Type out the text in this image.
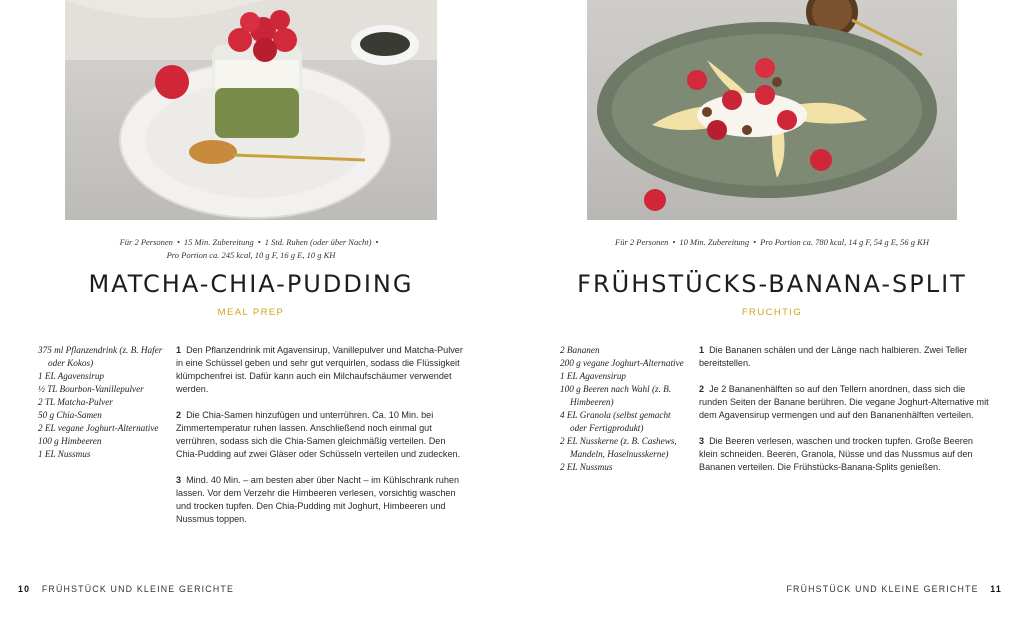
Für 2 Personen • 15 Min. Zubereitung • 1 Std. Ruhen (oder über Nacht) •
Pro Portion ca. 245 kcal, 10 g F, 16 g E, 10 g KH
MATCHA-CHIA-PUDDING
MEAL PREP
375 ml Pflanzendrink (z. B. Hafer oder Kokos)
1 EL Agavensirup
½ TL Bourbon-Vanillepulver
2 TL Matcha-Pulver
50 g Chia-Samen
2 EL vegane Joghurt-Alternative
100 g Himbeeren
1 EL Nussmus
1 Den Pflanzendrink mit Agavensirup, Vanillepulver und Matcha-Pulver in eine Schüssel geben und sehr gut verquirlen, sodass die Flüssigkeit klümpchenfrei ist. Dafür kann auch ein Milchaufschäumer verwendet werden.
2 Die Chia-Samen hinzufügen und unterrühren. Ca. 10 Min. bei Zimmertemperatur ruhen lassen. Anschließend noch einmal gut verrühren, sodass sich die Chia-Samen gleichmäßig verteilen. Den Chia-Pudding auf zwei Gläser oder Schüsseln verteilen und zudecken.
3 Mind. 40 Min. – am besten aber über Nacht – im Kühlschrank ruhen lassen. Vor dem Verzehr die Himbeeren verlesen, vorsichtig waschen und trocken tupfen. Den Chia-Pudding mit Joghurt, Himbeeren und Nussmus toppen.
10 FRÜHSTÜCK UND KLEINE GERICHTE
Für 2 Personen • 10 Min. Zubereitung • Pro Portion ca. 780 kcal, 14 g F, 54 g E, 56 g KH
FRÜHSTÜCKS-BANANA-SPLIT
FRUCHTIG
2 Bananen
200 g vegane Joghurt-Alternative
1 EL Agavensirup
100 g Beeren nach Wahl (z. B. Himbeeren)
4 EL Granola (selbst gemacht oder Fertigprodukt)
2 EL Nusskerne (z. B. Cashews, Mandeln, Haselnusskerne)
2 EL Nussmus
1 Die Bananen schälen und der Länge nach halbieren. Zwei Teller bereitstellen.
2 Je 2 Bananenhälften so auf den Tellern anordnen, dass sich die runden Seiten der Banane berühren. Die vegane Joghurt-Alternative mit dem Agavensirup vermengen und auf den Bananenhälften verteilen.
3 Die Beeren verlesen, waschen und trocken tupfen. Große Beeren klein schneiden. Beeren, Granola, Nüsse und das Nussmus auf den Bananen verteilen. Die Frühstücks-Banana-Splits genießen.
FRÜHSTÜCK UND KLEINE GERICHTE 11
